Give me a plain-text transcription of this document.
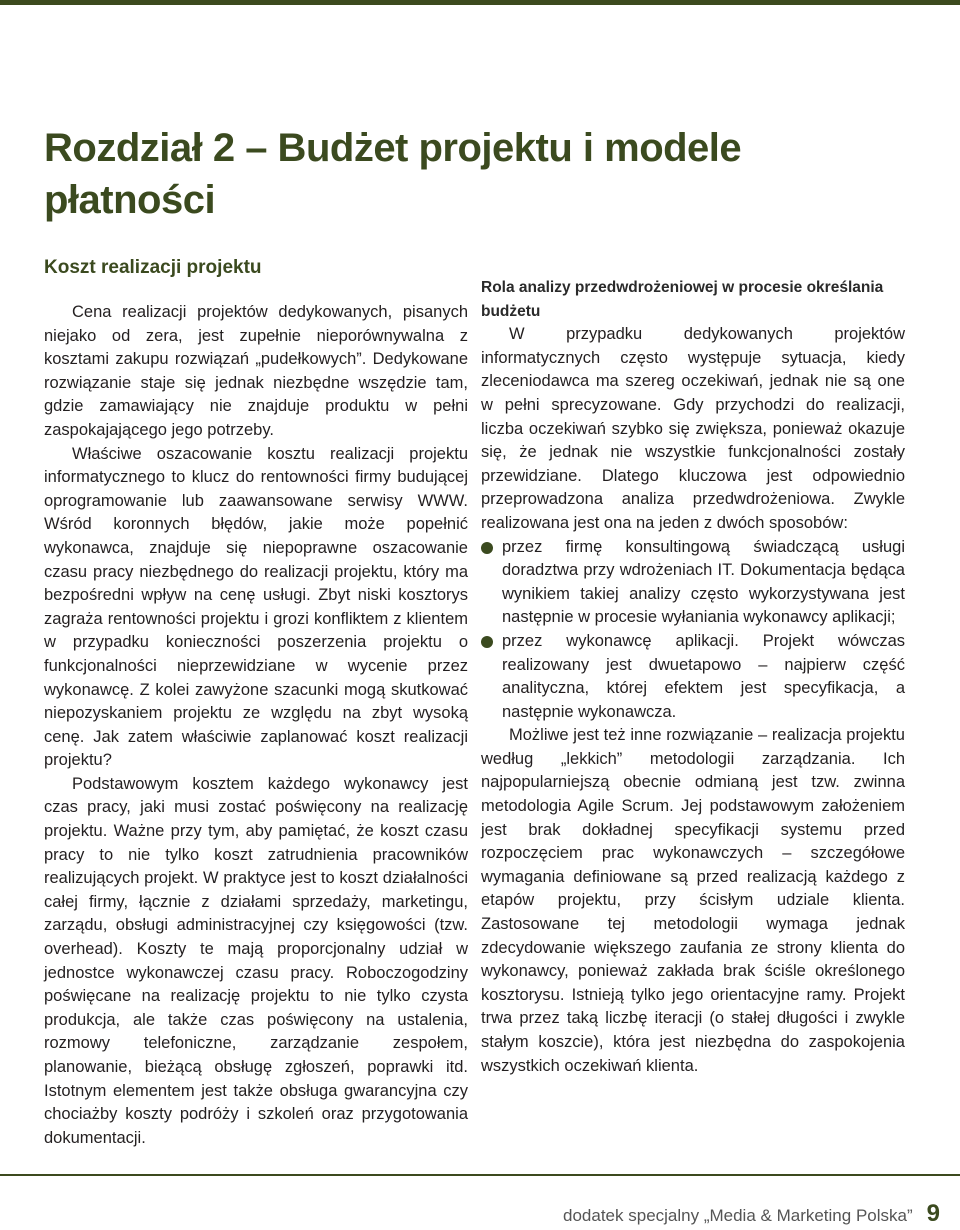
Rozdział 2 – Budżet projektu i modele płatności
Koszt realizacji projektu

Cena realizacji projektów dedykowanych, pisanych niejako od zera, jest zupełnie nieporównywalna z kosztami zakupu rozwiązań „pudełkowych”. Dedykowane rozwiązanie staje się jednak niezbędne wszędzie tam, gdzie zamawiający nie znajduje produktu w pełni zaspokajającego jego potrzeby.

Właściwe oszacowanie kosztu realizacji projektu informatycznego to klucz do rentowności firmy budującej oprogramowanie lub zaawansowane serwisy WWW. Wśród koronnych błędów, jakie może popełnić wykonawca, znajduje się niepoprawne oszacowanie czasu pracy niezbędnego do realizacji projektu, który ma bezpośredni wpływ na cenę usługi. Zbyt niski kosztorys zagraża rentowności projektu i grozi konfliktem z klientem w przypadku konieczności poszerzenia projektu o funkcjonalności nieprzewidziane w wycenie przez wykonawcę. Z kolei zawyżone szacunki mogą skutkować niepozyskaniem projektu ze względu na zbyt wysoką cenę. Jak zatem właściwie zaplanować koszt realizacji projektu?

Podstawowym kosztem każdego wykonawcy jest czas pracy, jaki musi zostać poświęcony na realizację projektu. Ważne przy tym, aby pamiętać, że koszt czasu pracy to nie tylko koszt zatrudnienia pracowników realizujących projekt. W praktyce jest to koszt działalności całej firmy, łącznie z działami sprzedaży, marketingu, zarządu, obsługi administracyjnej czy księgowości (tzw. overhead). Koszty te mają proporcjonalny udział w jednostce wykonawczej czasu pracy. Roboczogodziny poświęcane na realizację projektu to nie tylko czysta produkcja, ale także czas poświęcony na ustalenia, rozmowy telefoniczne, zarządzanie zespołem, planowanie, bieżącą obsługę zgłoszeń, poprawki itd. Istotnym elementem jest także obsługa gwarancyjna czy chociażby koszty podróży i szkoleń oraz przygotowania dokumentacji.

Rola analizy przedwdrożeniowej w procesie określania budżetu

W przypadku dedykowanych projektów informatycznych często występuje sytuacja, kiedy zleceniodawca ma szereg oczekiwań, jednak nie są one w pełni sprecyzowane. Gdy przychodzi do realizacji, liczba oczekiwań szybko się zwiększa, ponieważ okazuje się, że jednak nie wszystkie funkcjonalności zostały przewidziane. Dlatego kluczowa jest odpowiednio przeprowadzona analiza przedwdrożeniowa. Zwykle realizowana jest ona na jeden z dwóch sposobów:

przez firmę konsultingową świadczącą usługi doradztwa przy wdrożeniach IT. Dokumentacja będąca wynikiem takiej analizy często wykorzystywana jest następnie w procesie wyłaniania wykonawcy aplikacji;
przez wykonawcę aplikacji. Projekt wówczas realizowany jest dwuetapowo – najpierw część analityczna, której efektem jest specyfikacja, a następnie wykonawcza.

Możliwe jest też inne rozwiązanie – realizacja projektu według „lekkich” metodologii zarządzania. Ich najpopularniejszą obecnie odmianą jest tzw. zwinna metodologia Agile Scrum. Jej podstawowym założeniem jest brak dokładnej specyfikacji systemu przed rozpoczęciem prac wykonawczych – szczegółowe wymagania definiowane są przed realizacją każdego z etapów projektu, przy ścisłym udziale klienta. Zastosowane tej metodologii wymaga jednak zdecydowanie większego zaufania ze strony klienta do wykonawcy, ponieważ zakłada brak ściśle określonego kosztorysu. Istnieją tylko jego orientacyjne ramy. Projekt trwa przez taką liczbę iteracji (o stałej długości i zwykle stałym koszcie), która jest niezbędna do zaspokojenia wszystkich oczekiwań klienta.

dodatek specjalny „Media & Marketing Polska” 9
